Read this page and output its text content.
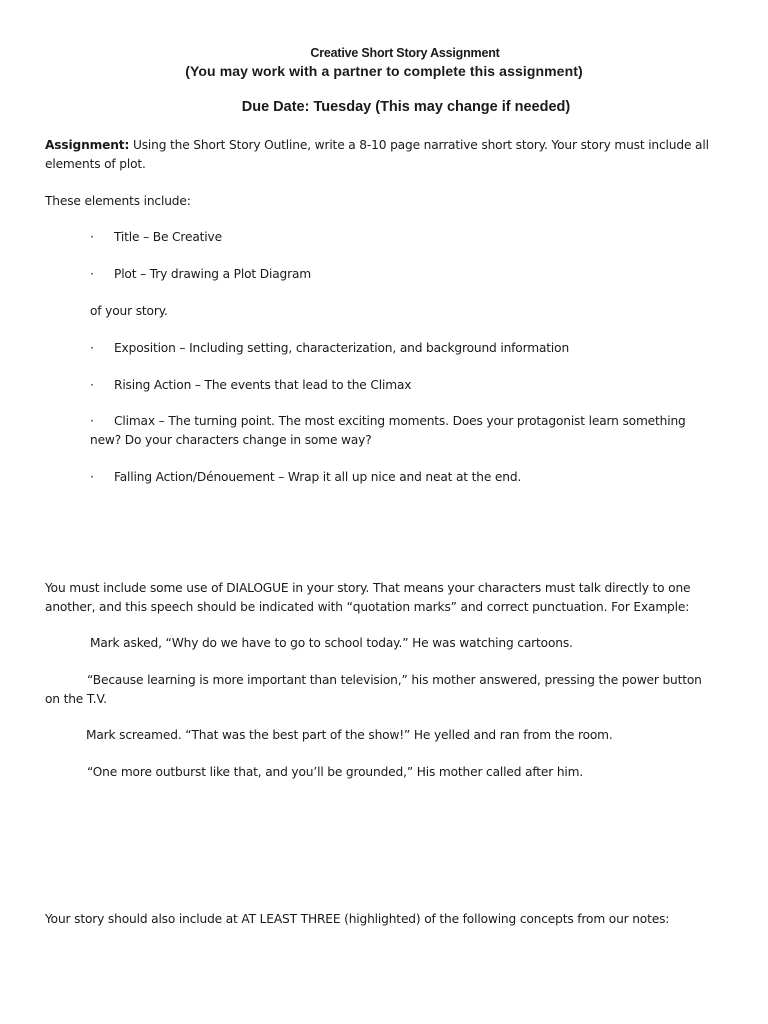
Creative Short Story Assignment
(You may work with a partner to complete this assignment)
Due Date: Tuesday (This may change if needed)
Assignment: Using the Short Story Outline, write a 8-10 page narrative short story. Your story must include all
elements of plot.
These elements include:
· Title – Be Creative
· Plot – Try drawing a Plot Diagram
of your story.
· Exposition – Including setting, characterization, and background information
· Rising Action – The events that lead to the Climax
· Climax – The turning point. The most exciting moments. Does your protagonist learn something
new? Do your characters change in some way?
· Falling Action/Dénouement – Wrap it all up nice and neat at the end.
You must include some use of DIALOGUE in your story. That means your characters must talk directly to one
another, and this speech should be indicated with “quotation marks” and correct punctuation. For Example:
Mark asked, “Why do we have to go to school today.” He was watching cartoons.
“Because learning is more important than television,” his mother answered, pressing the power button
on the T.V.
Mark screamed. “That was the best part of the show!” He yelled and ran from the room.
“One more outburst like that, and you’ll be grounded,” His mother called after him.
Your story should also include at AT LEAST THREE (highlighted) of the following concepts from our notes:
